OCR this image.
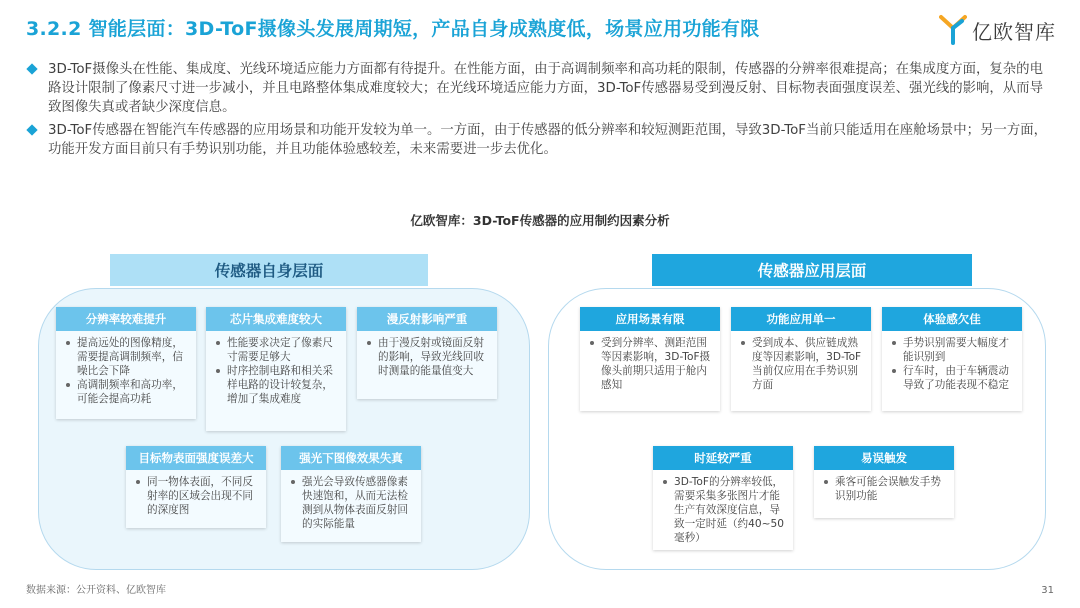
3.2.2 智能层面：3D-ToF摄像头发展周期短，产品自身成熟度低，场景应用功能有限	亿欧智库
3D-ToF摄像头在性能、集成度、光线环境适应能力方面都有待提升。在性能方面，由于高调制频率和高功耗的限制，传感器的分辨率很难提高；在集成度方面，复杂的电路设计限制了像素尺寸进一步减小，并且电路整体集成难度较大；在光线环境适应能力方面，3D-ToF传感器易受到漫反射、目标物表面强度误差、强光线的影响，从而导致图像失真或者缺少深度信息。
3D-ToF传感器在智能汽车传感器的应用场景和功能开发较为单一。一方面，由于传感器的低分辨率和较短测距范围，导致3D-ToF当前只能适用在座舱场景中；另一方面，功能开发方面目前只有手势识别功能，并且功能体验感较差，未来需要进一步去优化。
亿欧智库：3D-ToF传感器的应用制约因素分析
传感器自身层面	传感器应用层面
分辨率较难提升
提高远处的图像精度，需要提高调制频率，信噪比会下降
高调制频率和高功率，可能会提高功耗
芯片集成难度较大
性能要求决定了像素尺寸需要足够大
时序控制电路和相关采样电路的设计较复杂，增加了集成难度
漫反射影响严重
由于漫反射或镜面反射的影响，导致光线回收时测量的能量值变大
目标物表面强度误差大
同一物体表面，不同反射率的区域会出现不同的深度图
强光下图像效果失真
强光会导致传感器像素快速饱和，从而无法检测到从物体表面反射回的实际能量
应用场景有限
受到分辨率、测距范围等因素影响，3D-ToF摄像头前期只适用于舱内感知
功能应用单一
受到成本、供应链成熟度等因素影响，3D-ToF当前仅应用在手势识别方面
体验感欠佳
手势识别需要大幅度才能识别到
行车时，由于车辆震动导致了功能表现不稳定
时延较严重
3D-ToF的分辨率较低，需要采集多张图片才能生产有效深度信息，导致一定时延（约40~50毫秒）
易误触发
乘客可能会误触发手势识别功能
数据来源：公开资料、亿欧智库	31
